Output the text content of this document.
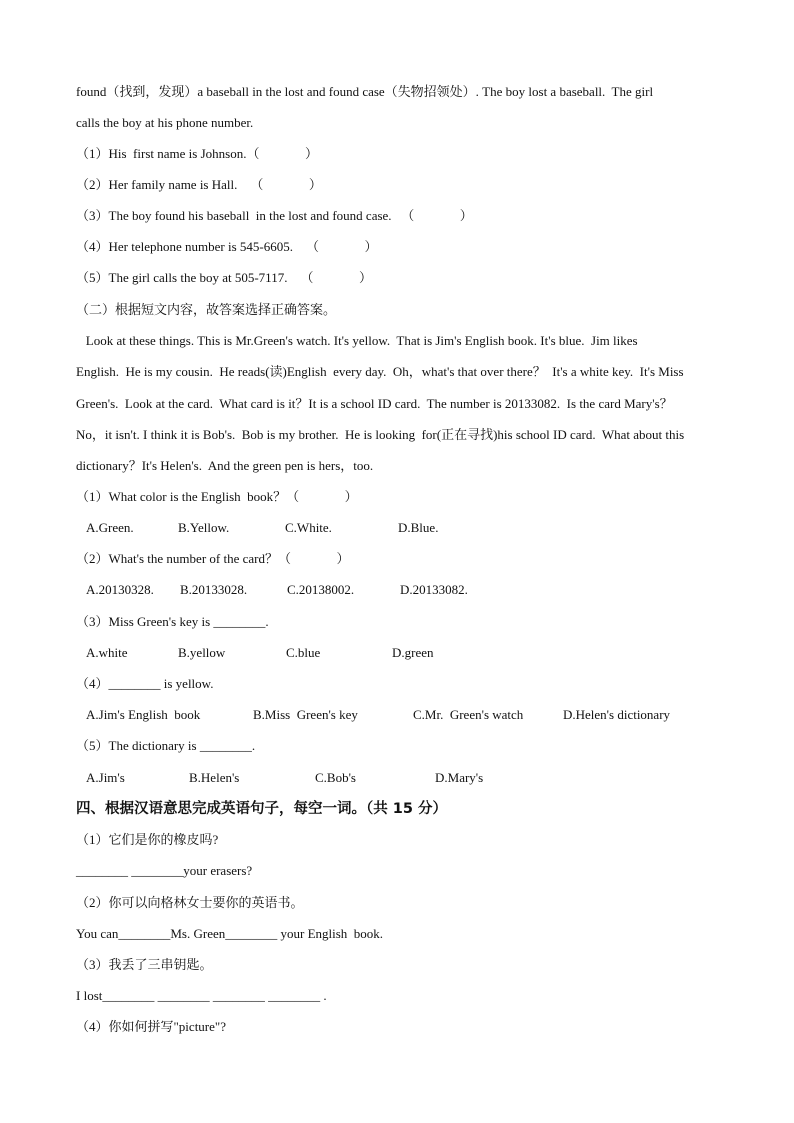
found（找到，发现）a baseball in the lost and found case（失物招领处）. The boy lost a baseball.  The girl
calls the boy at his phone number.
（1）His  first name is Johnson.（              ）
（2）Her family name is Hall.    （              ）
（3）The boy found his baseball  in the lost and found case.   （              ）
（4）Her telephone number is 545-6605.    （              ）
（5）The girl calls the boy at 505-7117.    （              ）
（二）根据短文内容，故答案选择正确答案。
Look at these things. This is Mr.Green's watch. It's yellow.  That is Jim's English book. It's blue.  Jim likes
English.  He is my cousin.  He reads(读)English  every day.  Oh，what's that over there？  It's a white key.  It's Miss
Green's.  Look at the card.  What card is it？It is a school ID card.  The number is 20133082.  Is the card Mary's？
No，it isn't. I think it is Bob's.  Bob is my brother.  He is looking  for(正在寻找)his school ID card.  What about this
dictionary？It's Helen's.  And the green pen is hers，too.
（1）What color is the English  book？（              ）
A.Green.	B.Yellow.	C.White.	D.Blue.
（2）What's the number of the card？（              ）
A.20130328. B.20133028.	C.20138002.	D.20133082.
（3）Miss Green's key is ________.
A.white	B.yellow	C.blue	D.green
（4）________ is yellow.
A.Jim's English  book	B.Miss  Green's key	C.Mr.  Green's watch	D.Helen's dictionary
（5）The dictionary is ________.
A.Jim's	B.Helen's	C.Bob's	D.Mary's
四、根据汉语意思完成英语句子，每空一词。（共 15 分）
（1）它们是你的橡皮吗?
________ ________your erasers?
（2）你可以向格林女士要你的英语书。
You can________Ms. Green________ your English  book.
（3）我丢了三串钥匙。
I lost________ ________ ________ ________ .
（4）你如何拼写"picture"?
